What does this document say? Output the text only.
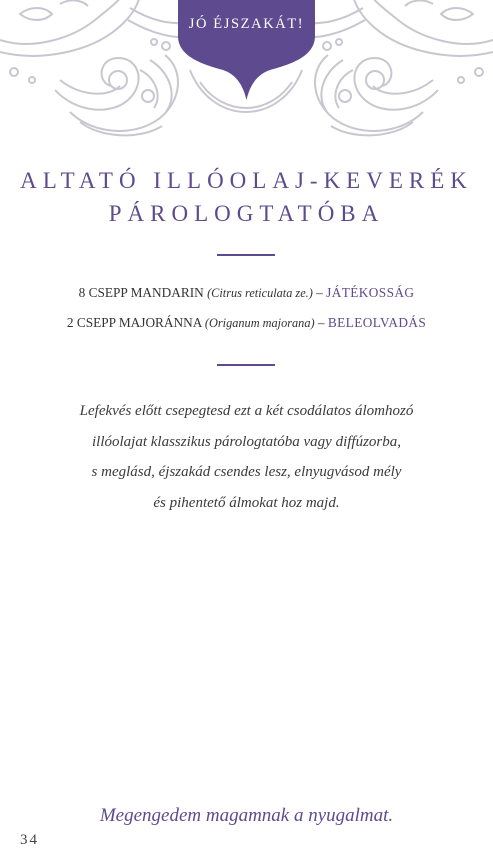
JÓ ÉJSZAKÁT!
ALTATÓ ILLÓOLAJ-KEVERÉK
PÁROLOGTATÓBA
8 CSEPP MANDARIN (Citrus reticulata ze.) – JÁTÉKOSSÁG
2 CSEPP MAJORÁNNA (Origanum majorana) – BELEOLVADÁS
Lefekvés előtt csepegtesd ezt a két csodálatos álomhozó
illóolajat klasszikus párologtatóba vagy diffúzorba,
s meglásd, éjszakád csendes lesz, elnyugvásod mély
és pihentető álmokat hoz majd.
Megengedem magamnak a nyugalmat.
34
